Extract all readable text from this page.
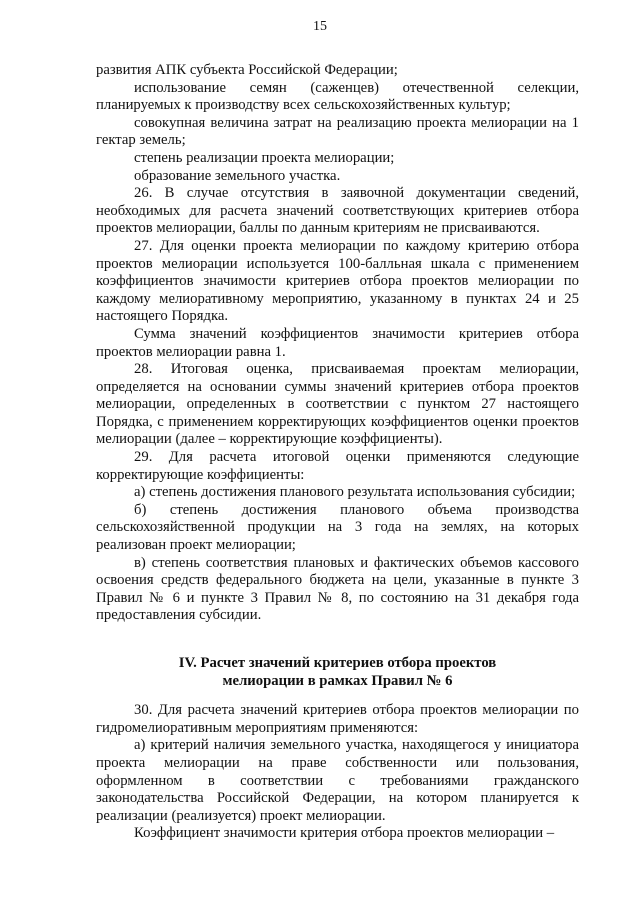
15

развития АПК субъекта Российской Федерации;

использование семян (саженцев) отечественной селекции, планируемых к производству всех сельскохозяйственных культур;

совокупная величина затрат на реализацию проекта мелиорации на 1 гектар земель;

степень реализации проекта мелиорации;

образование земельного участка.

26. В случае отсутствия в заявочной документации сведений, необходимых для расчета значений соответствующих критериев отбора проектов мелиорации, баллы по данным критериям не присваиваются.

27. Для оценки проекта мелиорации по каждому критерию отбора проектов мелиорации используется 100-балльная шкала с применением коэффициентов значимости критериев отбора проектов мелиорации по каждому мелиоративному мероприятию, указанному в пунктах 24 и 25 настоящего Порядка.

Сумма значений коэффициентов значимости критериев отбора проектов мелиорации равна 1.

28. Итоговая оценка, присваиваемая проектам мелиорации, определяется на основании суммы значений критериев отбора проектов мелиорации, определенных в соответствии с пунктом 27 настоящего Порядка, с применением корректирующих коэффициентов оценки проектов мелиорации (далее – корректирующие коэффициенты).

29. Для расчета итоговой оценки применяются следующие корректирующие коэффициенты:

а) степень достижения планового результата использования субсидии;

б) степень достижения планового объема производства сельскохозяйственной продукции на 3 года на землях, на которых реализован проект мелиорации;

в) степень соответствия плановых и фактических объемов кассового освоения средств федерального бюджета на цели, указанные в пункте 3 Правил № 6 и пункте 3 Правил № 8, по состоянию на 31 декабря года предоставления субсидии.

IV. Расчет значений критериев отбора проектов
мелиорации в рамках Правил № 6

30. Для расчета значений критериев отбора проектов мелиорации по гидромелиоративным мероприятиям применяются:

а) критерий наличия земельного участка, находящегося у инициатора проекта мелиорации на праве собственности или пользования, оформленном в соответствии с требованиями гражданского законодательства Российской Федерации, на котором планируется к реализации (реализуется) проект мелиорации.

Коэффициент значимости критерия отбора проектов мелиорации –
